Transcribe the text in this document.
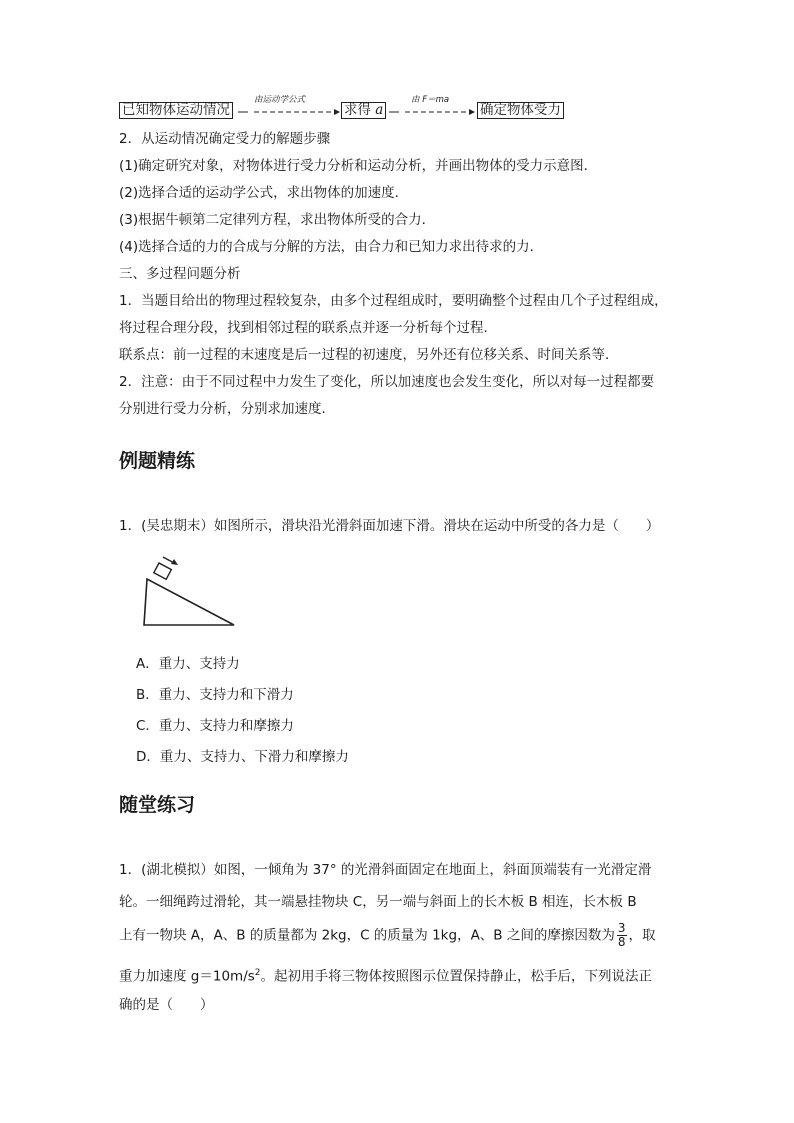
已知物体运动情况
由运动学公式
求得 a
由 F＝ma
确定物体受力
2．从运动情况确定受力的解题步骤
(1)确定研究对象，对物体进行受力分析和运动分析，并画出物体的受力示意图．
(2)选择合适的运动学公式，求出物体的加速度．
(3)根据牛顿第二定律列方程，求出物体所受的合力．
(4)选择合适的力的合成与分解的方法，由合力和已知力求出待求的力．
三、多过程问题分析
1．当题目给出的物理过程较复杂，由多个过程组成时，要明确整个过程由几个子过程组成，
将过程合理分段，找到相邻过程的联系点并逐一分析每个过程．
联系点：前一过程的末速度是后一过程的初速度，另外还有位移关系、时间关系等．
2．注意：由于不同过程中力发生了变化，所以加速度也会发生变化，所以对每一过程都要
分别进行受力分析，分别求加速度．
例题精练
1．(吴忠期末）如图所示，滑块沿光滑斜面加速下滑。滑块在运动中所受的各力是（　　）
A．重力、支持力
B．重力、支持力和下滑力
C．重力、支持力和摩擦力
D．重力、支持力、下滑力和摩擦力
随堂练习
1．(湖北模拟）如图，一倾角为 37° 的光滑斜面固定在地面上，斜面顶端装有一光滑定滑
轮。一细绳跨过滑轮，其一端悬挂物块 C，另一端与斜面上的长木板 B 相连，长木板 B
上有一物块 A，A、B 的质量都为 2kg，C 的质量为 1kg，A、B 之间的摩擦因数为 $\frac{3}{8}$ ，取
重力加速度 $g=10m/s^2$。起初用手将三物体按照图示位置保持静止，松手后，下列说法正
确的是（　　）
